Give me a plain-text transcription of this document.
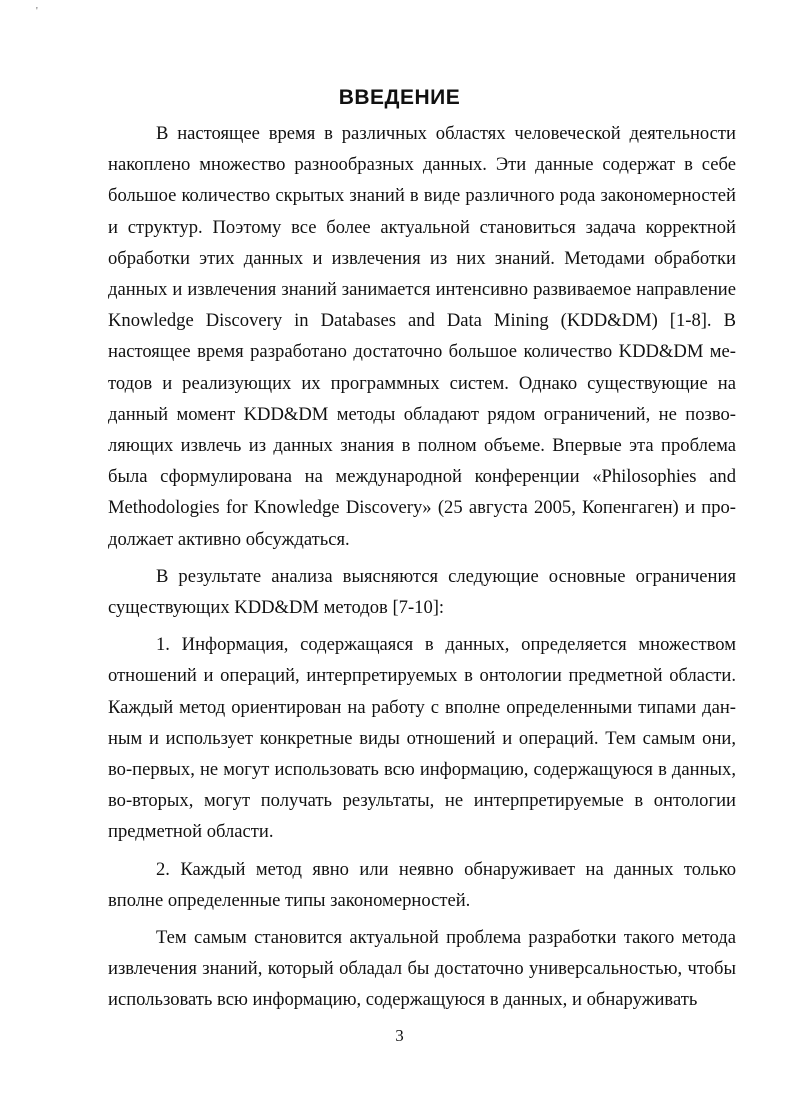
'
ВВЕДЕНИЕ

В настоящее время в различных областях человеческой деятельности накоплено множество разнообразных данных. Эти данные содержат в себе большое количество скрытых знаний в виде различного рода закономерностей и структур. Поэтому все более актуальной становиться задача корректной обработки этих данных и извлечения из них знаний. Методами обработки данных и извлечения знаний занимается интенсивно развиваемое направление Knowledge Discovery in Databases and Data Mining (KDD&DM) [1-8]. В настоящее время разработано достаточно большое количество KDD&DM методов и реализующих их программных систем. Однако существующие на данный момент KDD&DM методы обладают рядом ограничений, не позволяющих извлечь из данных знания в полном объеме. Впервые эта проблема была сформулирована на международной конференции «Philosophies and Methodologies for Knowledge Discovery» (25 августа 2005, Копенгаген) и продолжает активно обсуждаться.

В результате анализа выясняются следующие основные ограничения существующих KDD&DM методов [7-10]:

1. Информация, содержащаяся в данных, определяется множеством отношений и операций, интерпретируемых в онтологии предметной области. Каждый метод ориентирован на работу с вполне определенными типами данным и использует конкретные виды отношений и операций. Тем самым они, во-первых, не могут использовать всю информацию, содержащуюся в данных, во-вторых, могут получать результаты, не интерпретируемые в онтологии предметной области.

2. Каждый метод явно или неявно обнаруживает на данных только вполне определенные типы закономерностей.

Тем самым становится актуальной проблема разработки такого метода извлечения знаний, который обладал бы достаточно универсальностью, чтобы использовать всю информацию, содержащуюся в данных, и обнаруживать

3
